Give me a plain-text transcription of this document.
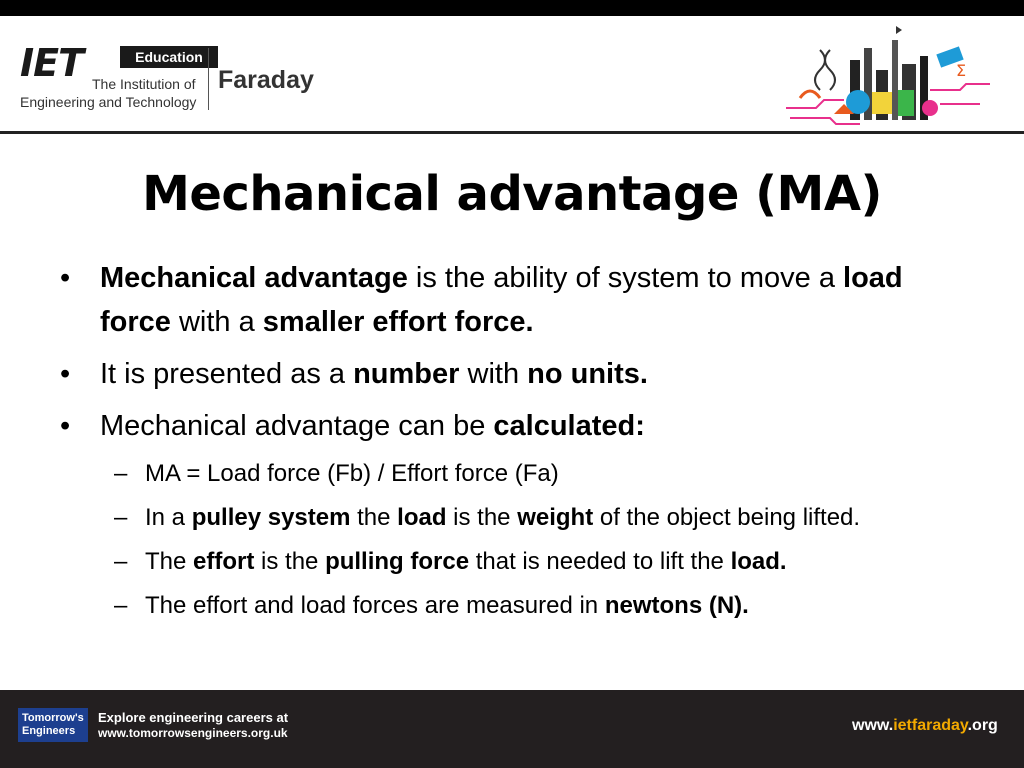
IET	Education
The Institution of
Engineering and Technology
Faraday	Σ
Mechanical advantage (MA)
• Mechanical advantage is the ability of system to move a load force with a smaller effort force.
• It is presented as a number with no units.
• Mechanical advantage can be calculated:
– MA = Load force (Fb) / Effort force (Fa)
– In a pulley system the load is the weight of the object being lifted.
– The effort is the pulling force that is needed to lift the load.
– The effort and load forces are measured in newtons (N).
Tomorrow's
Engineers
Explore engineering careers at
www.tomorrowsengineers.org.uk	www.ietfaraday.org
